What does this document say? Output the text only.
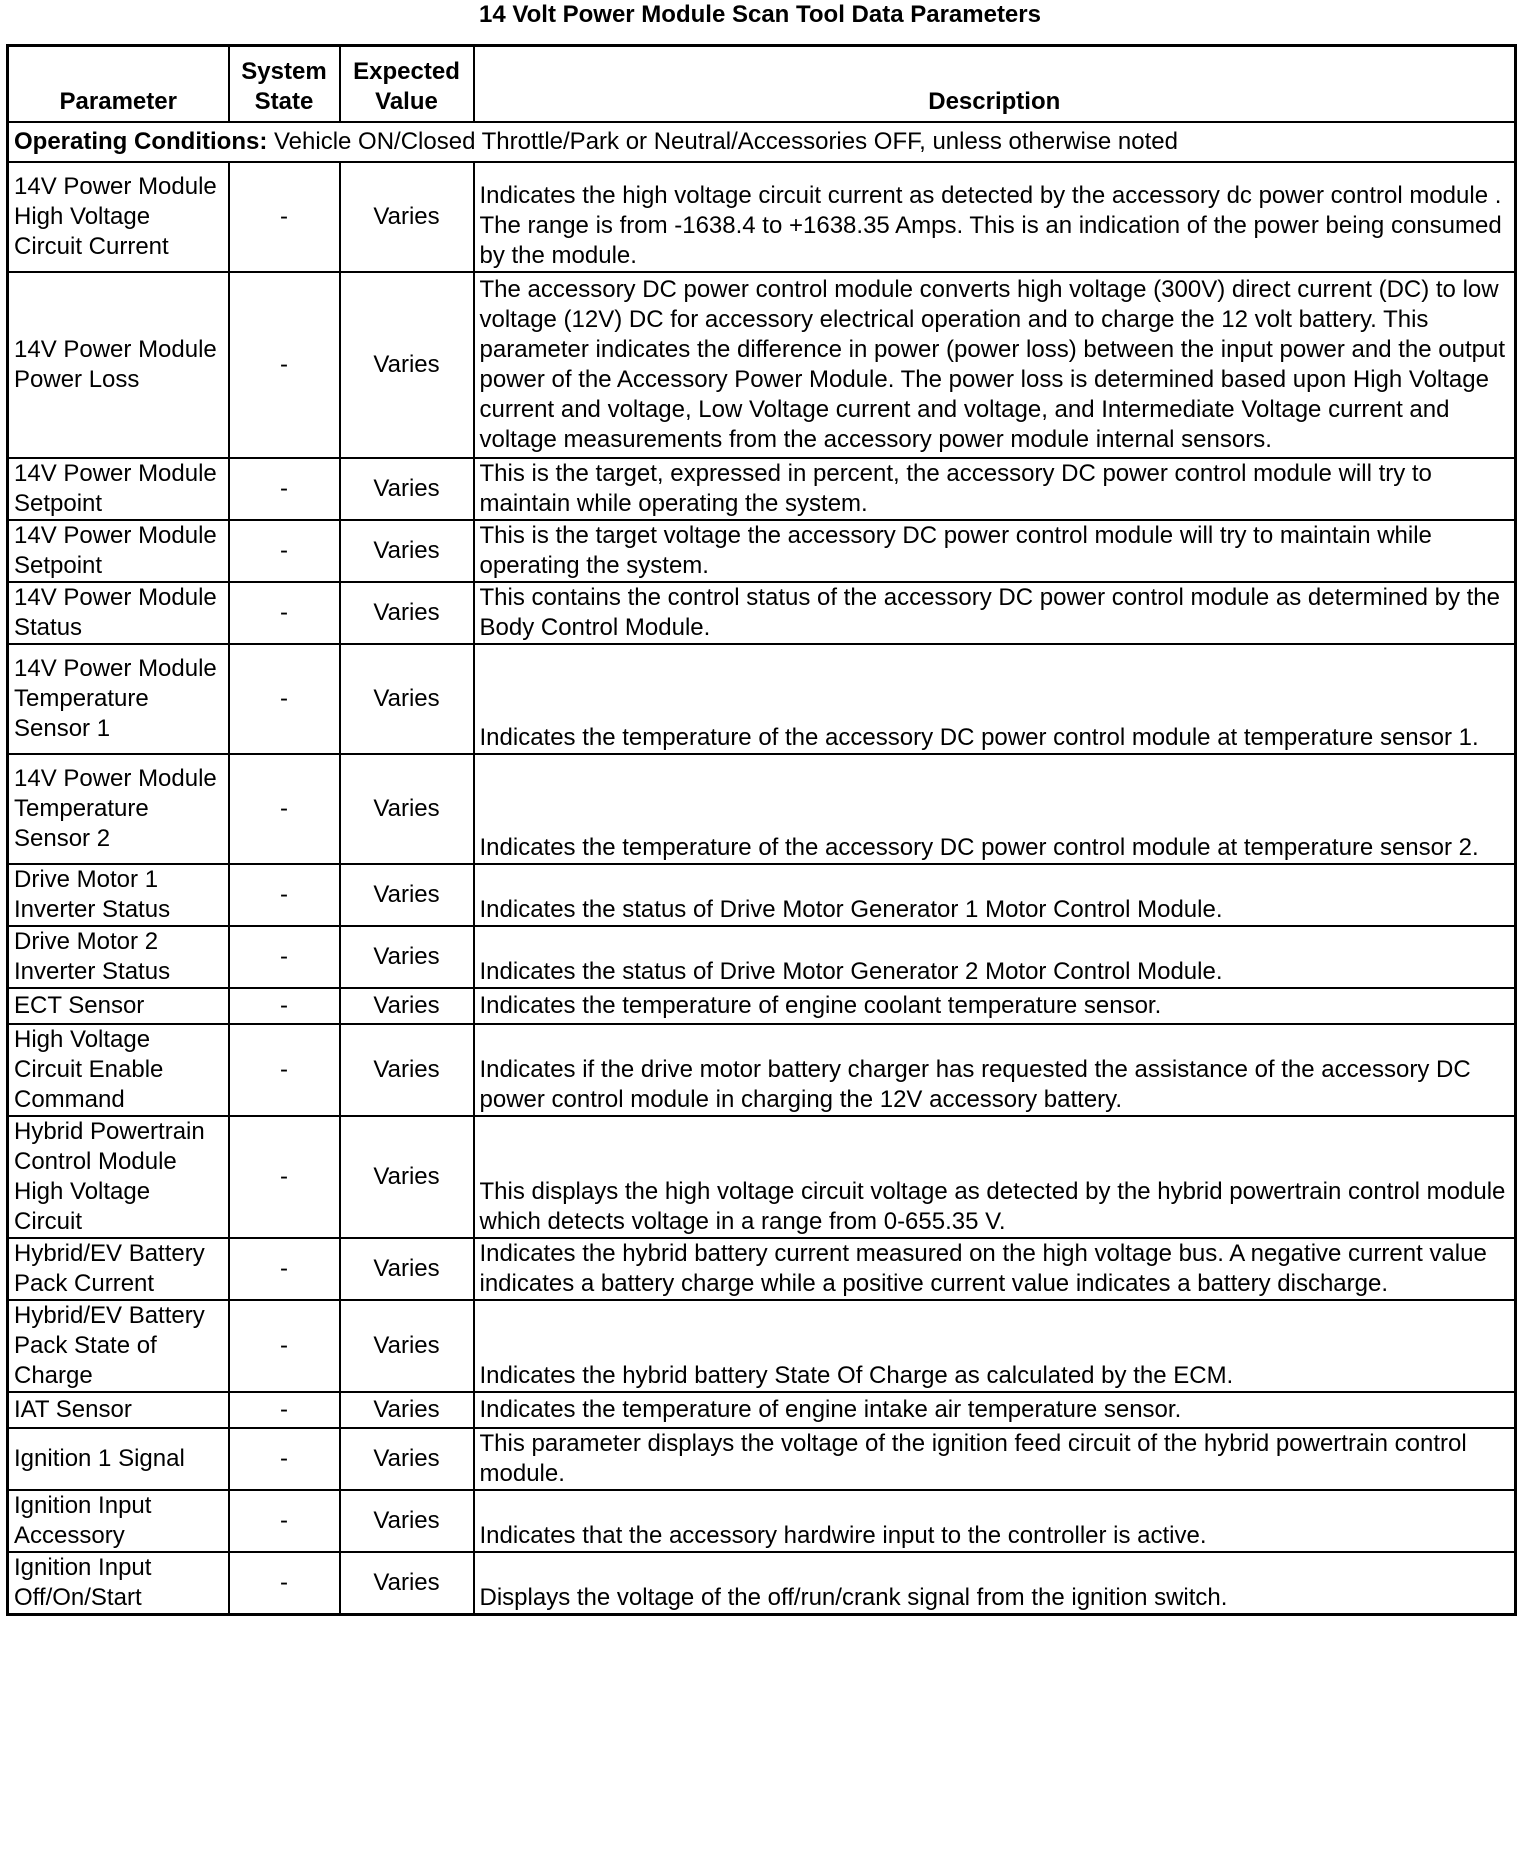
14 Volt Power Module Scan Tool Data Parameters
Parameter	System State	Expected Value	Description
Operating Conditions: Vehicle ON/Closed Throttle/Park or Neutral/Accessories OFF, unless otherwise noted			
14V Power Module High Voltage Circuit Current	-	Varies	Indicates the high voltage circuit current as detected by the accessory dc power control module . The range is from -1638.4 to +1638.35 Amps. This is an indication of the power being consumed by the module.
14V Power Module Power Loss	-	Varies	The accessory DC power control module converts high voltage (300V) direct current (DC) to low voltage (12V) DC for accessory electrical operation and to charge the 12 volt battery. This parameter indicates the difference in power (power loss) between the input power and the output power of the Accessory Power Module. The power loss is determined based upon High Voltage current and voltage, Low Voltage current and voltage, and Intermediate Voltage current and voltage measurements from the accessory power module internal sensors.
14V Power Module Setpoint	-	Varies	This is the target, expressed in percent, the accessory DC power control module will try to maintain while operating the system.
14V Power Module Setpoint	-	Varies	This is the target voltage the accessory DC power control module will try to maintain while operating the system.
14V Power Module Status	-	Varies	This contains the control status of the accessory DC power control module as determined by the Body Control Module.
14V Power Module Temperature Sensor 1	-	Varies	Indicates the temperature of the accessory DC power control module at temperature sensor 1.
14V Power Module Temperature Sensor 2	-	Varies	Indicates the temperature of the accessory DC power control module at temperature sensor 2.
Drive Motor 1 Inverter Status	-	Varies	Indicates the status of Drive Motor Generator 1 Motor Control Module.
Drive Motor 2 Inverter Status	-	Varies	Indicates the status of Drive Motor Generator 2 Motor Control Module.
ECT Sensor	-	Varies	Indicates the temperature of engine coolant temperature sensor.
High Voltage Circuit Enable Command	-	Varies	Indicates if the drive motor battery charger has requested the assistance of the accessory DC power control module in charging the 12V accessory battery.
Hybrid Powertrain Control Module High Voltage Circuit	-	Varies	This displays the high voltage circuit voltage as detected by the hybrid powertrain control module which detects voltage in a range from 0-655.35 V.
Hybrid/EV Battery Pack Current	-	Varies	Indicates the hybrid battery current measured on the high voltage bus. A negative current value indicates a battery charge while a positive current value indicates a battery discharge.
Hybrid/EV Battery Pack State of Charge	-	Varies	Indicates the hybrid battery State Of Charge as calculated by the ECM.
IAT Sensor	-	Varies	Indicates the temperature of engine intake air temperature sensor.
Ignition 1 Signal	-	Varies	This parameter displays the voltage of the ignition feed circuit of the hybrid powertrain control module.
Ignition Input Accessory	-	Varies	Indicates that the accessory hardwire input to the controller is active.
Ignition Input Off/On/Start	-	Varies	Displays the voltage of the off/run/crank signal from the ignition switch.
